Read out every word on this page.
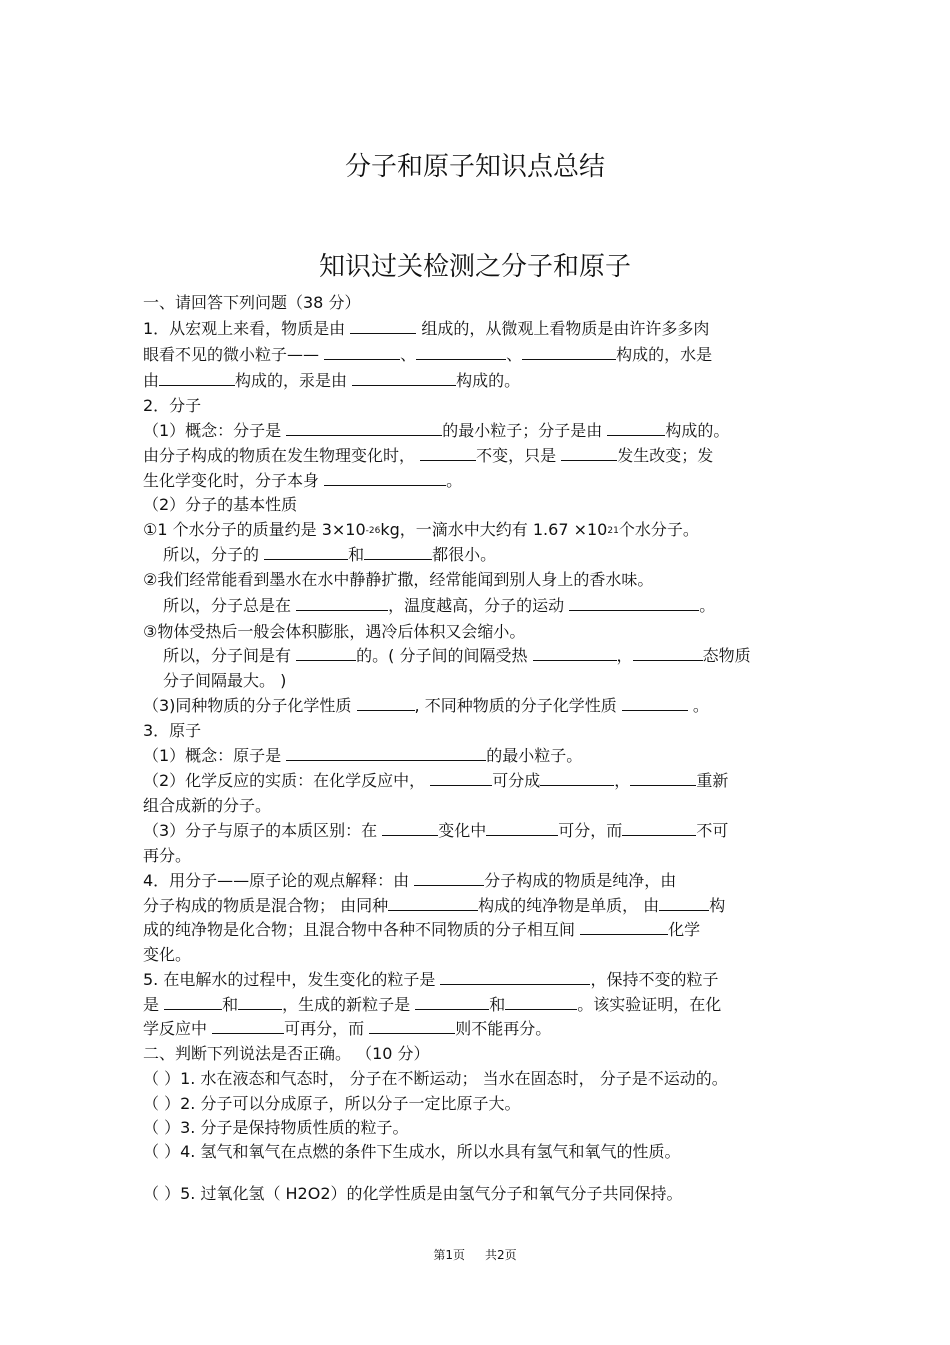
分子和原子知识点总结
知识过关检测之分子和原子
一、请回答下列问题（38 分）
1．从宏观上来看，物质是由	组成的，从微观上看物质是由许许多多肉
眼看不见的微小粒子——	、	、	构成的，水是
由	构成的，汞是由	构成的。
2．分子
（1）概念：分子是	的最小粒子；分子是由	构成的。
由分子构成的物质在发生物理变化时，	不变，只是	发生改变；发
生化学变化时，分子本身	。
（2）分子的基本性质
①1 个水分子的质量约是 $3\times 10^{-26}kg$，一滴水中大约有 $1.67 \times 10^{21}$个水分子。
所以，分子的	和	都很小。
②我们经常能看到墨水在水中静静扩撒，经常能闻到别人身上的香水味。
所以，分子总是在	，温度越高，分子的运动	。
③物体受热后一般会体积膨胀，遇冷后体积又会缩小。
所以，分子间是有	的。( 分子间的间隔受热	，	态物质
分子间隔最大。 )
（3)同种物质的分子化学性质	, 不同种物质的分子化学性质	。
3．原子
（1）概念：原子是	的最小粒子。
（2）化学反应的实质：在化学反应中，	可分成	，	重新
组合成新的分子。
（3）分子与原子的本质区别：在	变化中	可分，而	不可
再分。
4．用分子——原子论的观点解释：由	分子构成的物质是纯净，由
分子构成的物质是混合物； 由同种	构成的纯净物是单质， 由	构
成的纯净物是化合物；且混合物中各种不同物质的分子相互间	化学
变化。
5. 在电解水的过程中，发生变化的粒子是	，保持不变的粒子
是	和	，生成的新粒子是	和	。该实验证明，在化
学反应中	可再分，而	则不能再分。
二、判断下列说法是否正确。 （10 分）
（ ）1. 水在液态和气态时， 分子在不断运动； 当水在固态时， 分子是不运动的。
（ ）2. 分子可以分成原子，所以分子一定比原子大。
（ ）3. 分子是保持物质性质的粒子。
（ ）4. 氢气和氧气在点燃的条件下生成水，所以水具有氢气和氧气的性质。
（ ）5. 过氧化氢（ H2O2）的化学性质是由氢气分子和氧气分子共同保持。
第1页 共2页
